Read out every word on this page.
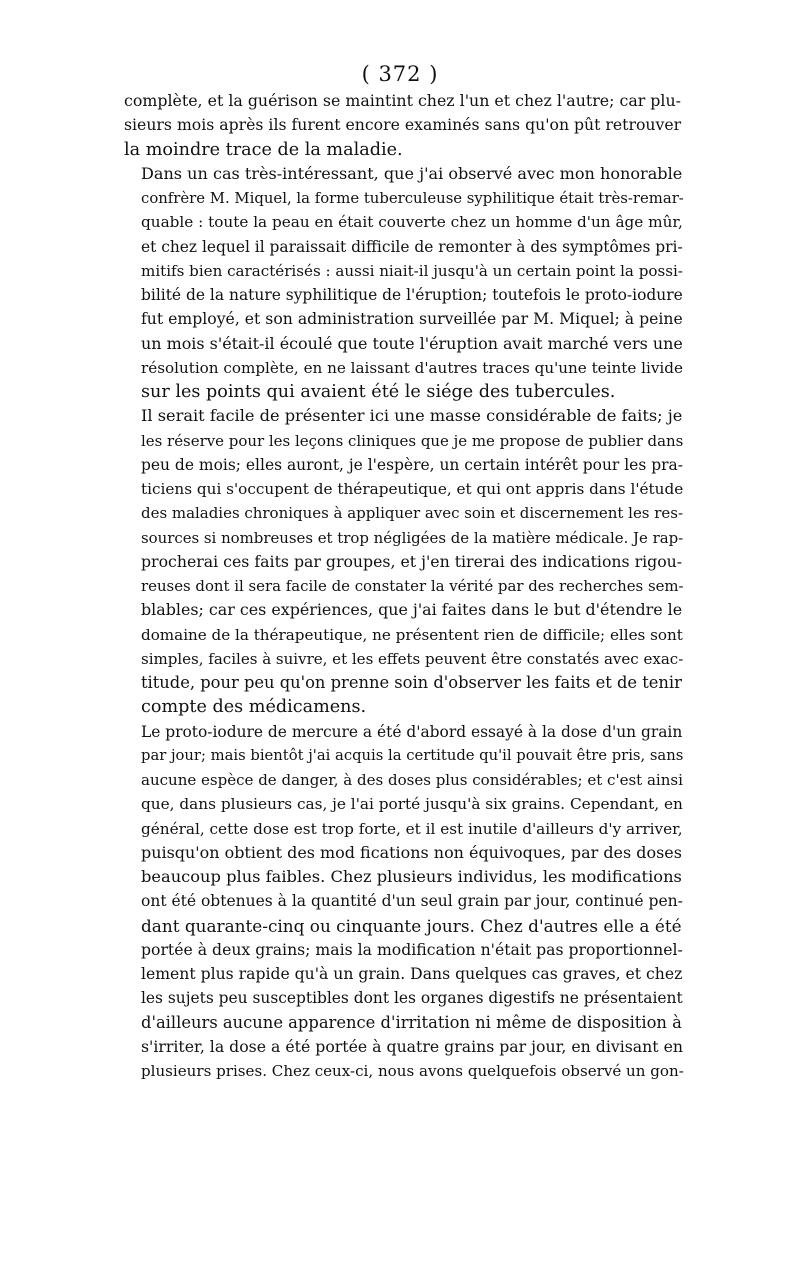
( 372 )
complète, et la guérison se maintint chez l'un et chez l'autre; car plu-
sieurs mois après ils furent encore examinés sans qu'on pût retrouver
la moindre trace de la maladie.
Dans un cas très-intéressant, que j'ai observé avec mon honorable
confrère M. Miquel, la forme tuberculeuse syphilitique était très-remar-
quable : toute la peau en était couverte chez un homme d'un âge mûr,
et chez lequel il paraissait difficile de remonter à des symptômes pri-
mitifs bien caractérisés : aussi niait-il jusqu'à un certain point la possi-
bilité de la nature syphilitique de l'éruption; toutefois le proto-iodure
fut employé, et son administration surveillée par M. Miquel; à peine
un mois s'était-il écoulé que toute l'éruption avait marché vers une
résolution complète, en ne laissant d'autres traces qu'une teinte livide
sur les points qui avaient été le siége des tubercules.
Il serait facile de présenter ici une masse considérable de faits; je
les réserve pour les leçons cliniques que je me propose de publier dans
peu de mois; elles auront, je l'espère, un certain intérêt pour les pra-
ticiens qui s'occupent de thérapeutique, et qui ont appris dans l'étude
des maladies chroniques à appliquer avec soin et discernement les res-
sources si nombreuses et trop négligées de la matière médicale. Je rap-
procherai ces faits par groupes, et j'en tirerai des indications rigou-
reuses dont il sera facile de constater la vérité par des recherches sem-
blables; car ces expériences, que j'ai faites dans le but d'étendre le
domaine de la thérapeutique, ne présentent rien de difficile; elles sont
simples, faciles à suivre, et les effets peuvent être constatés avec exac-
titude, pour peu qu'on prenne soin d'observer les faits et de tenir
compte des médicamens.
Le proto-iodure de mercure a été d'abord essayé à la dose d'un grain
par jour; mais bientôt j'ai acquis la certitude qu'il pouvait être pris, sans
aucune espèce de danger, à des doses plus considérables; et c'est ainsi
que, dans plusieurs cas, je l'ai porté jusqu'à six grains. Cependant, en
général, cette dose est trop forte, et il est inutile d'ailleurs d'y arriver,
puisqu'on obtient des mod fications non équivoques, par des doses
beaucoup plus faibles. Chez plusieurs individus, les modifications
ont été obtenues à la quantité d'un seul grain par jour, continué pen-
dant quarante-cinq ou cinquante jours. Chez d'autres elle a été
portée à deux grains; mais la modification n'était pas proportionnel-
lement plus rapide qu'à un grain. Dans quelques cas graves, et chez
les sujets peu susceptibles dont les organes digestifs ne présentaient
d'ailleurs aucune apparence d'irritation ni même de disposition à
s'irriter, la dose a été portée à quatre grains par jour, en divisant en
plusieurs prises. Chez ceux-ci, nous avons quelquefois observé un gon-
